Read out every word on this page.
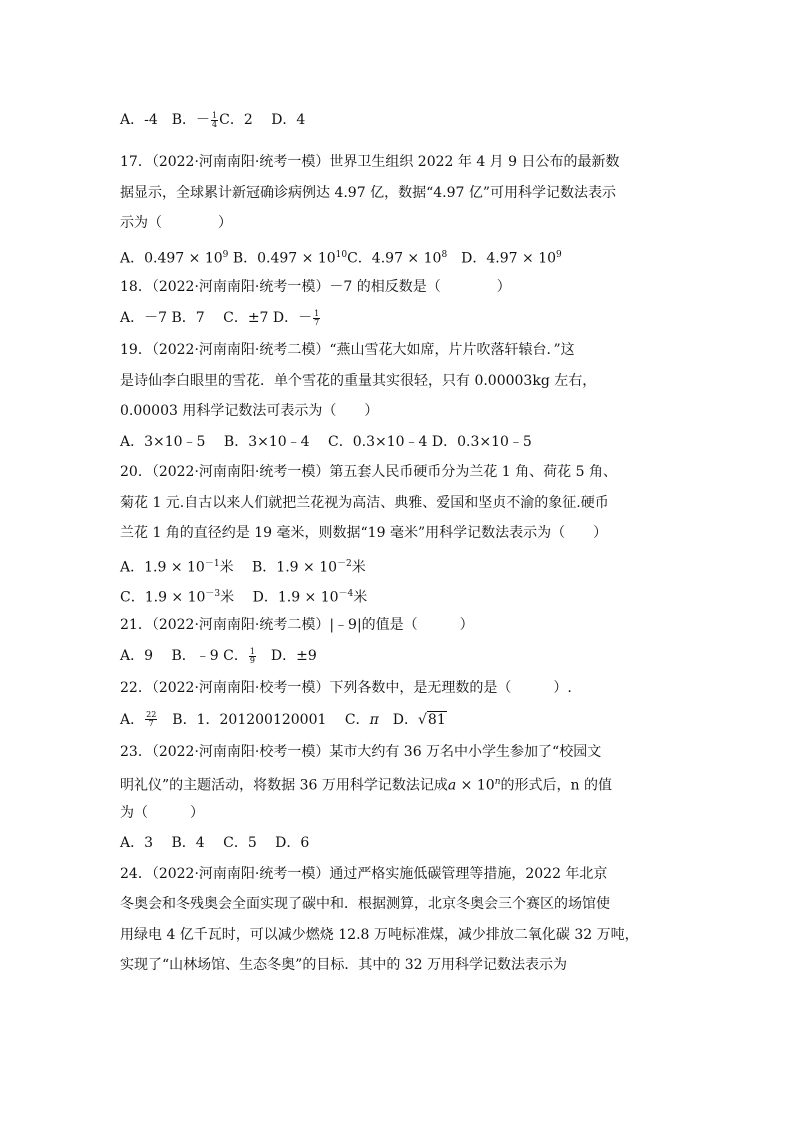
A．-4　B．－ $\frac{1}{4}$ C．2　 D．4
17．（2022·河南南阳·统考一模）世界卫生组织 2022 年 4 月 9 日公布的最新数
据显示，全球累计新冠确诊病例达 4.97 亿，数据“4.97 亿”可用科学记数法表示
示为（　　　　）
A．$0.497 \times 10^9$ B．$0.497 \times 10^{10}C$．$4.97 \times 10^8$　D．$4.97 \times 10^9$
18．（2022·河南南阳·统考一模）－7 的相反数是（　　　　）
A．－7 B．7　 C．±7 D．－ $\frac{1}{7}$
19．（2022·河南南阳·统考二模）“燕山雪花大如席，片片吹落轩辕台．”这
是诗仙李白眼里的雪花．单个雪花的重量其实很轻，只有 0.00003kg 左右，
0.00003 用科学记数法可表示为（　　）
A．3×10﹣5　 B．3×10﹣4　 C．0.3×10﹣4 D．0.3×10﹣5
20．（2022·河南南阳·统考一模）第五套人民币硬币分为兰花 1 角、荷花 5 角、
菊花 1 元.自古以来人们就把兰花视为高洁、典雅、爱国和坚贞不渝的象征.硬币
兰花 1 角的直径约是 19 毫米，则数据“19 毫米”用科学记数法表示为（　　）
A．$1.9 \times 10^{-1}$米　 B．$1.9 \times 10^{-2}$米
C．$1.9 \times 10^{-3}$米　 D．$1.9 \times 10^{-4}$米
21．（2022·河南南阳·统考二模）|﹣9|的值是（　　　）
A．9　 B．﹣9 C． $\frac{1}{9}$ 　D．±9
22．（2022·河南南阳·校考一模）下列各数中，是无理数的是（　　　）.
A． $\frac{22}{7}$ 　B．1．201200120001　 C．π　D．√81
23．（2022·河南南阳·校考一模）某市大约有 36 万名中小学生参加了“校园文
明礼仪”的主题活动，将数据 36 万用科学记数法记成$a \times 10^n$的形式后，n 的值
为（　　　）
A．3　 B．4　 C．5　 D．6
24．（2022·河南南阳·统考一模）通过严格实施低碳管理等措施，2022 年北京
冬奥会和冬残奥会全面实现了碳中和．根据测算，北京冬奥会三个赛区的场馆使
用绿电 4 亿千瓦时，可以减少燃烧 12.8 万吨标准煤，减少排放二氧化碳 32 万吨，
实现了“山林场馆、生态冬奥”的目标．其中的 32 万用科学记数法表示为
